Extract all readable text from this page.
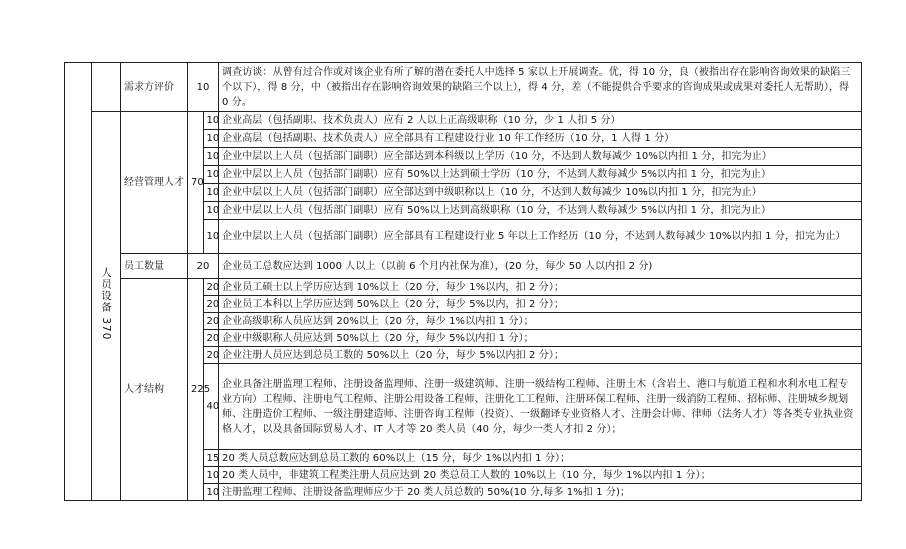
		需求方评价	10		调查访谈：从曾有过合作或对该企业有所了解的潜在委托人中选择 5 家以上开展调查。优，得 10 分，良（被指出存在影响咨询效果的缺陷三个以下），得 8 分，中（被指出存在影响咨询效果的缺陷三个以上），得 4 分，差（不能提供合乎要求的咨询成果或成果对委托人无帮助），得 0 分。
	人员设备 370	经营管理人才	70	10	企业高层（包括副职、技术负责人）应有 2 人以上正高级职称（10 分，少 1 人扣 5 分）
				10	企业高层（包括副职、技术负责人）应全部具有工程建设行业 10 年工作经历（10 分，1 人得 1 分）
				10	企业中层以上人员（包括部门副职）应全部达到本科级以上学历（10 分，不达到人数每减少 10%以内扣 1 分，扣完为止）
				10	企业中层以上人员（包括部门副职）应有 50%以上达到硕士学历（10 分，不达到人数每减少 5%以内扣 1 分，扣完为止）
				10	企业中层以上人员（包括部门副职）应全部达到中级职称以上（10 分，不达到人数每减少 10%以内扣 1 分，扣完为止）
				10	企业中层以上人员（包括部门副职）应有 50%以上达到高级职称（10 分，不达到人数每减少 5%以内扣 1 分，扣完为止）
				10	企业中层以上人员（包括部门副职）应全部具有工程建设行业 5 年以上工作经历（10 分，不达到人数每减少 10%以内扣 1 分，扣完为止）
		员工数量	20		企业员工总数应达到 1000 人以上（以前 6 个月内社保为准），(20 分，每少 50 人以内扣 2 分)
		人才结构	225	20	企业员工硕士以上学历应达到 10%以上（20 分，每少 1%以内，扣 2 分）；
				20	企业员工本科以上学历应达到 50%以上（20 分，每少 5%以内，扣 2 分）；
				20	企业高级职称人员应达到 20%以上（20 分，每少 1%以内扣 1 分）；
				20	企业中级职称人员应达到 50%以上（20 分，每少 5%以内扣 1 分）；
				20	企业注册人员应达到总员工数的 50%以上（20 分，每少 5%以内扣 2 分）；
				40	企业具备注册监理工程师、注册设备监理师、注册一级建筑师、注册一级结构工程师、注册土木（含岩土、港口与航道工程和水利水电工程专业方向）工程师、注册电气工程师、注册公用设备工程师、注册化工工程师、注册环保工程师、注册一级消防工程师、招标师、注册城乡规划师、注册造价工程师、一级注册建造师、注册咨询工程师（投资）、一级翻译专业资格人才、注册会计师、律师（法务人才）等各类专业执业资格人才，以及具备国际贸易人才、IT 人才等 20 类人员（40 分，每少一类人才扣 2 分）；
				15	20 类人员总数应达到总员工数的 60%以上（15 分，每少 1%以内扣 1 分）；
				10	20 类人员中，非建筑工程类注册人员应达到 20 类总员工人数的 10%以上（10 分，每少 1%以内扣 1 分）；
				10	注册监理工程师、注册设备监理师应少于 20 类人员总数的 50%(10 分,每多 1%扣 1 分)；
